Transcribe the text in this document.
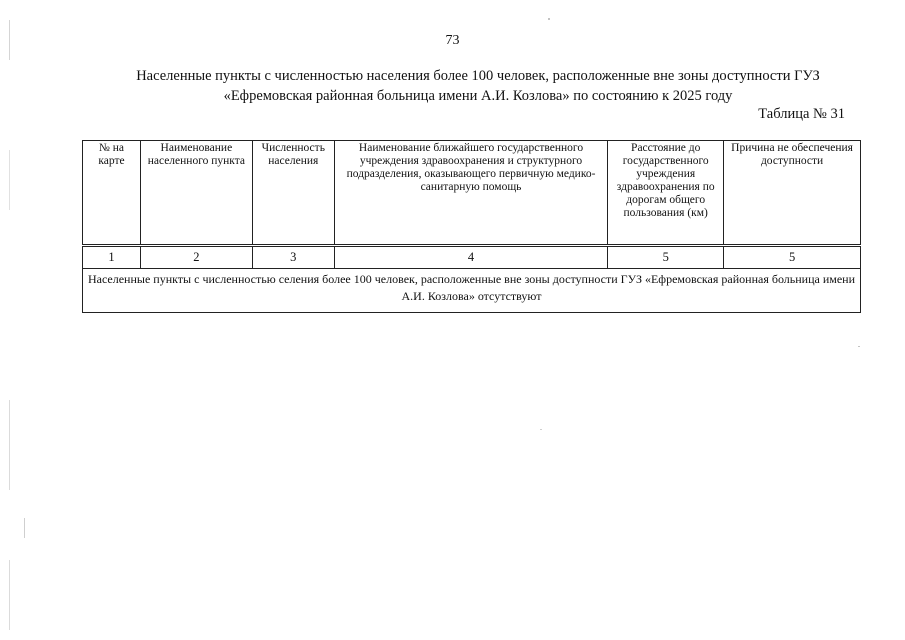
73
Населенные пункты с численностью населения более 100 человек, расположенные вне зоны доступности ГУЗ
«Ефремовская районная больница имени А.И. Козлова» по состоянию к 2025 году
Таблица № 31
№ на карте	Наименование населенного пункта	Численность населения	Наименование ближайшего государственного учреждения здравоохранения и структурного подразделения, оказывающего первичную медико-санитарную помощь	Расстояние до государственного учреждения здравоохранения по дорогам общего пользования (км)	Причина не обеспечения доступности
1	2	3	4	5	5
Населенные пункты с численностью селения более 100 человек, расположенные вне зоны доступности ГУЗ «Ефремовская районная больница имени А.И. Козлова» отсутствуют					
